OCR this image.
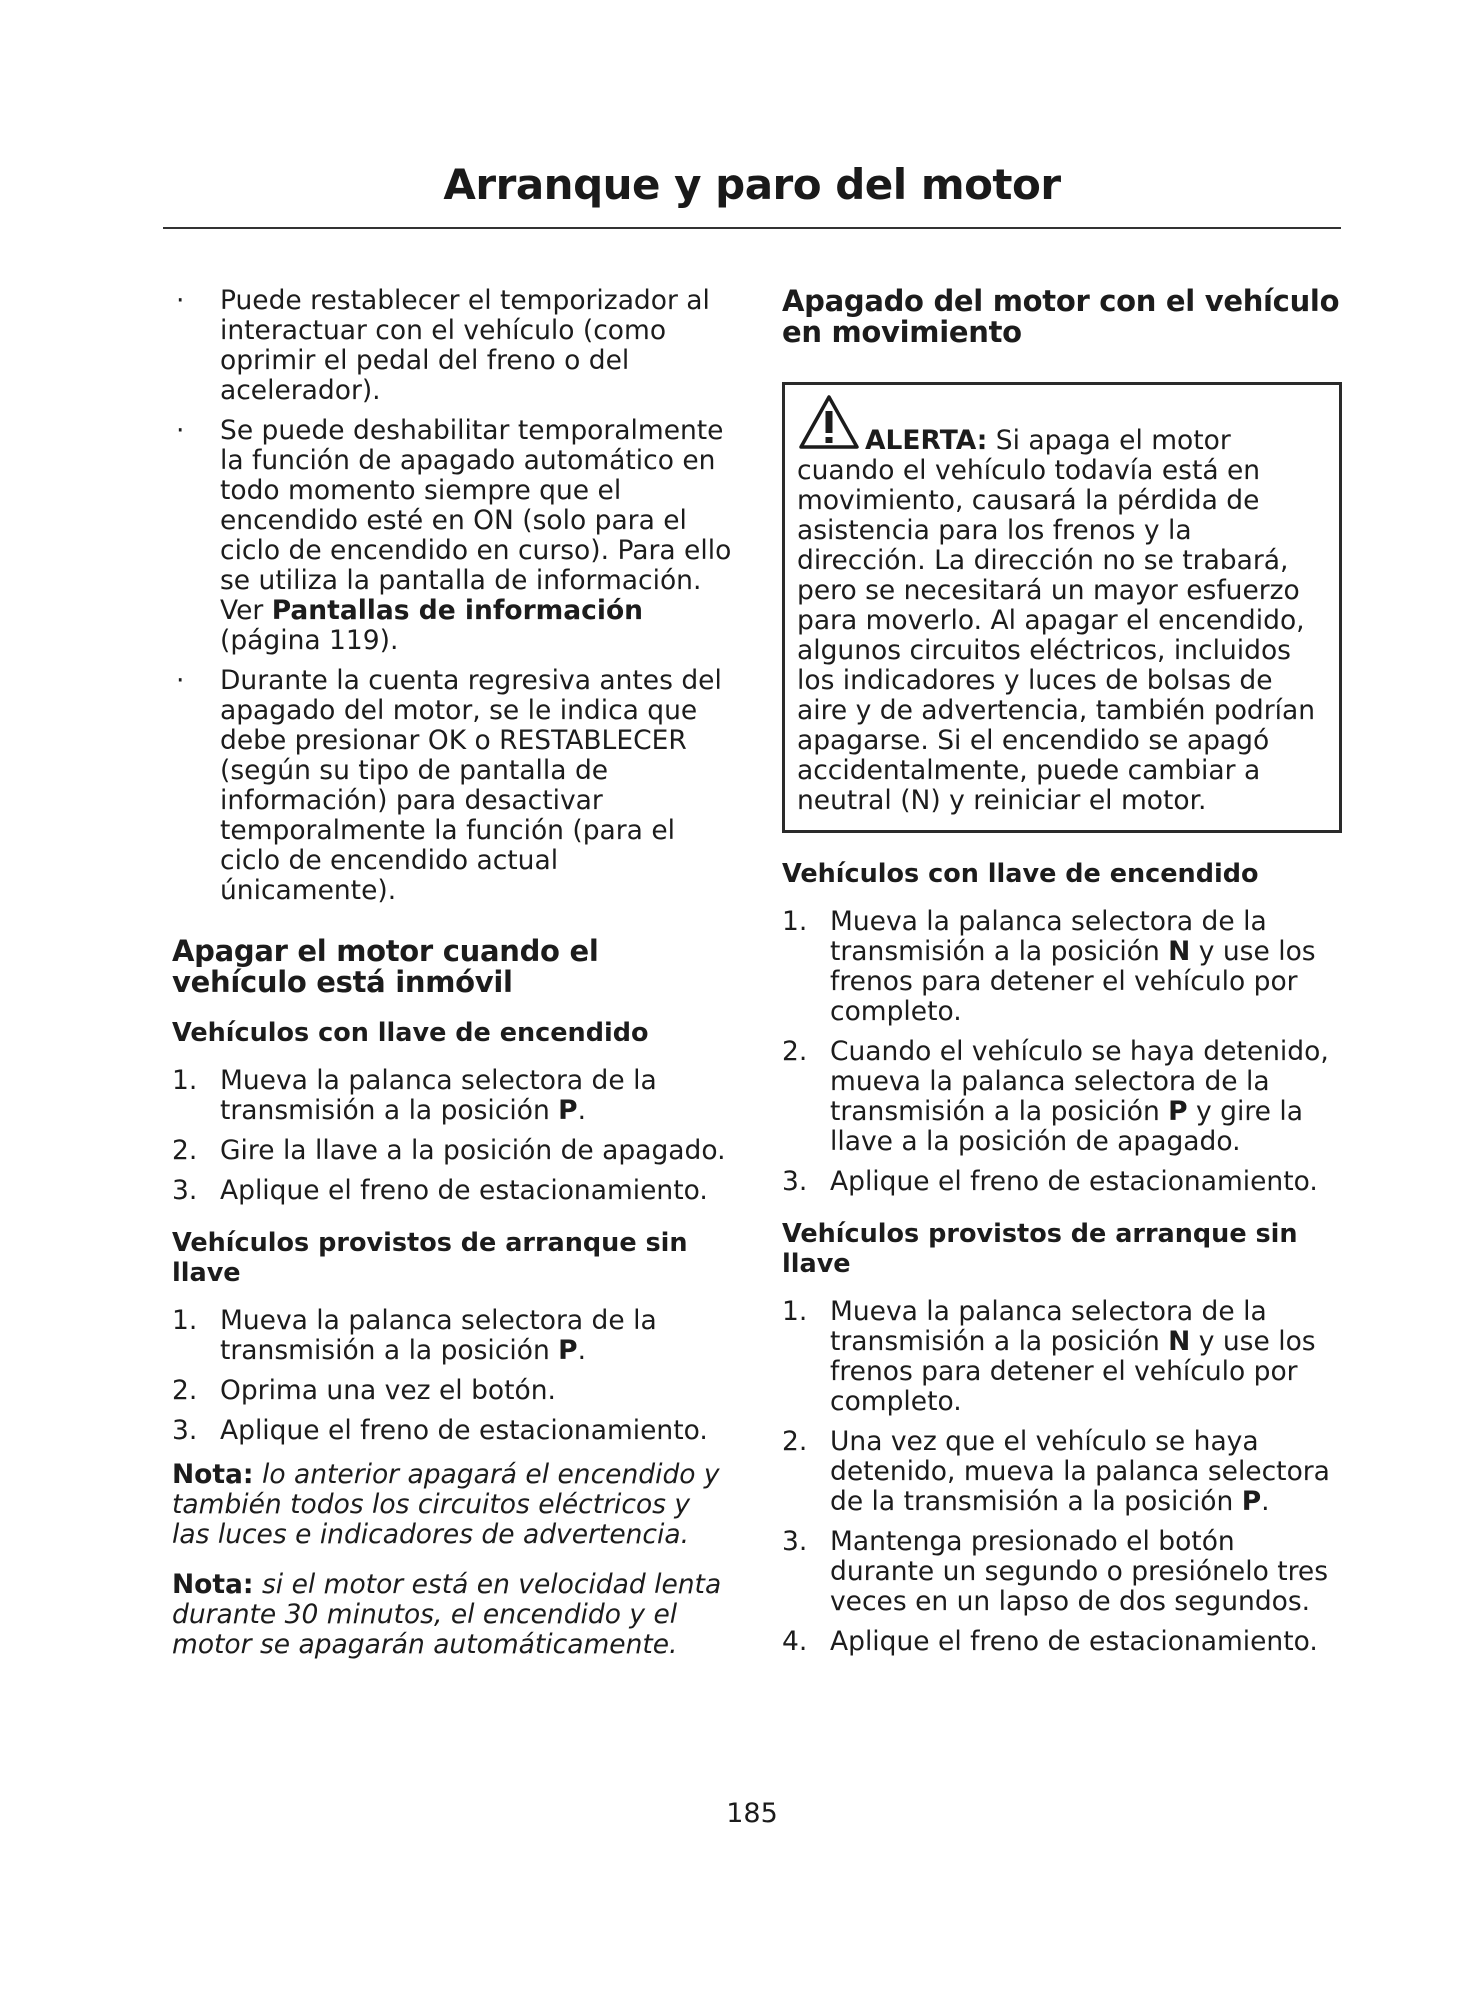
Arranque y paro del motor
· Puede restablecer el temporizador al interactuar con el vehículo (como oprimir el pedal del freno o del acelerador).
· Se puede deshabilitar temporalmente la función de apagado automático en todo momento siempre que el encendido esté en ON (solo para el ciclo de encendido en curso). Para ello se utiliza la pantalla de información. Ver Pantallas de información (página 119).
· Durante la cuenta regresiva antes del apagado del motor, se le indica que debe presionar OK o RESTABLECER (según su tipo de pantalla de información) para desactivar temporalmente la función (para el ciclo de encendido actual únicamente).
Apagar el motor cuando el vehículo está inmóvil
Vehículos con llave de encendido
1. Mueva la palanca selectora de la transmisión a la posición P.
2. Gire la llave a la posición de apagado.
3. Aplique el freno de estacionamiento.
Vehículos provistos de arranque sin llave
1. Mueva la palanca selectora de la transmisión a la posición P.
2. Oprima una vez el botón.
3. Aplique el freno de estacionamiento.

Nota: lo anterior apagará el encendido y también todos los circuitos eléctricos y las luces e indicadores de advertencia.

Nota: si el motor está en velocidad lenta durante 30 minutos, el encendido y el motor se apagarán automáticamente.

Apagado del motor con el vehículo en movimiento
ALERTA: Si apaga el motor cuando el vehículo todavía está en movimiento, causará la pérdida de asistencia para los frenos y la dirección. La dirección no se trabará, pero se necesitará un mayor esfuerzo para moverlo. Al apagar el encendido, algunos circuitos eléctricos, incluidos los indicadores y luces de bolsas de aire y de advertencia, también podrían apagarse. Si el encendido se apagó accidentalmente, puede cambiar a neutral (N) y reiniciar el motor.
Vehículos con llave de encendido
1. Mueva la palanca selectora de la transmisión a la posición N y use los frenos para detener el vehículo por completo.
2. Cuando el vehículo se haya detenido, mueva la palanca selectora de la transmisión a la posición P y gire la llave a la posición de apagado.
3. Aplique el freno de estacionamiento.
Vehículos provistos de arranque sin llave
1. Mueva la palanca selectora de la transmisión a la posición N y use los frenos para detener el vehículo por completo.
2. Una vez que el vehículo se haya detenido, mueva la palanca selectora de la transmisión a la posición P.
3. Mantenga presionado el botón durante un segundo o presiónelo tres veces en un lapso de dos segundos.
4. Aplique el freno de estacionamiento.
185
